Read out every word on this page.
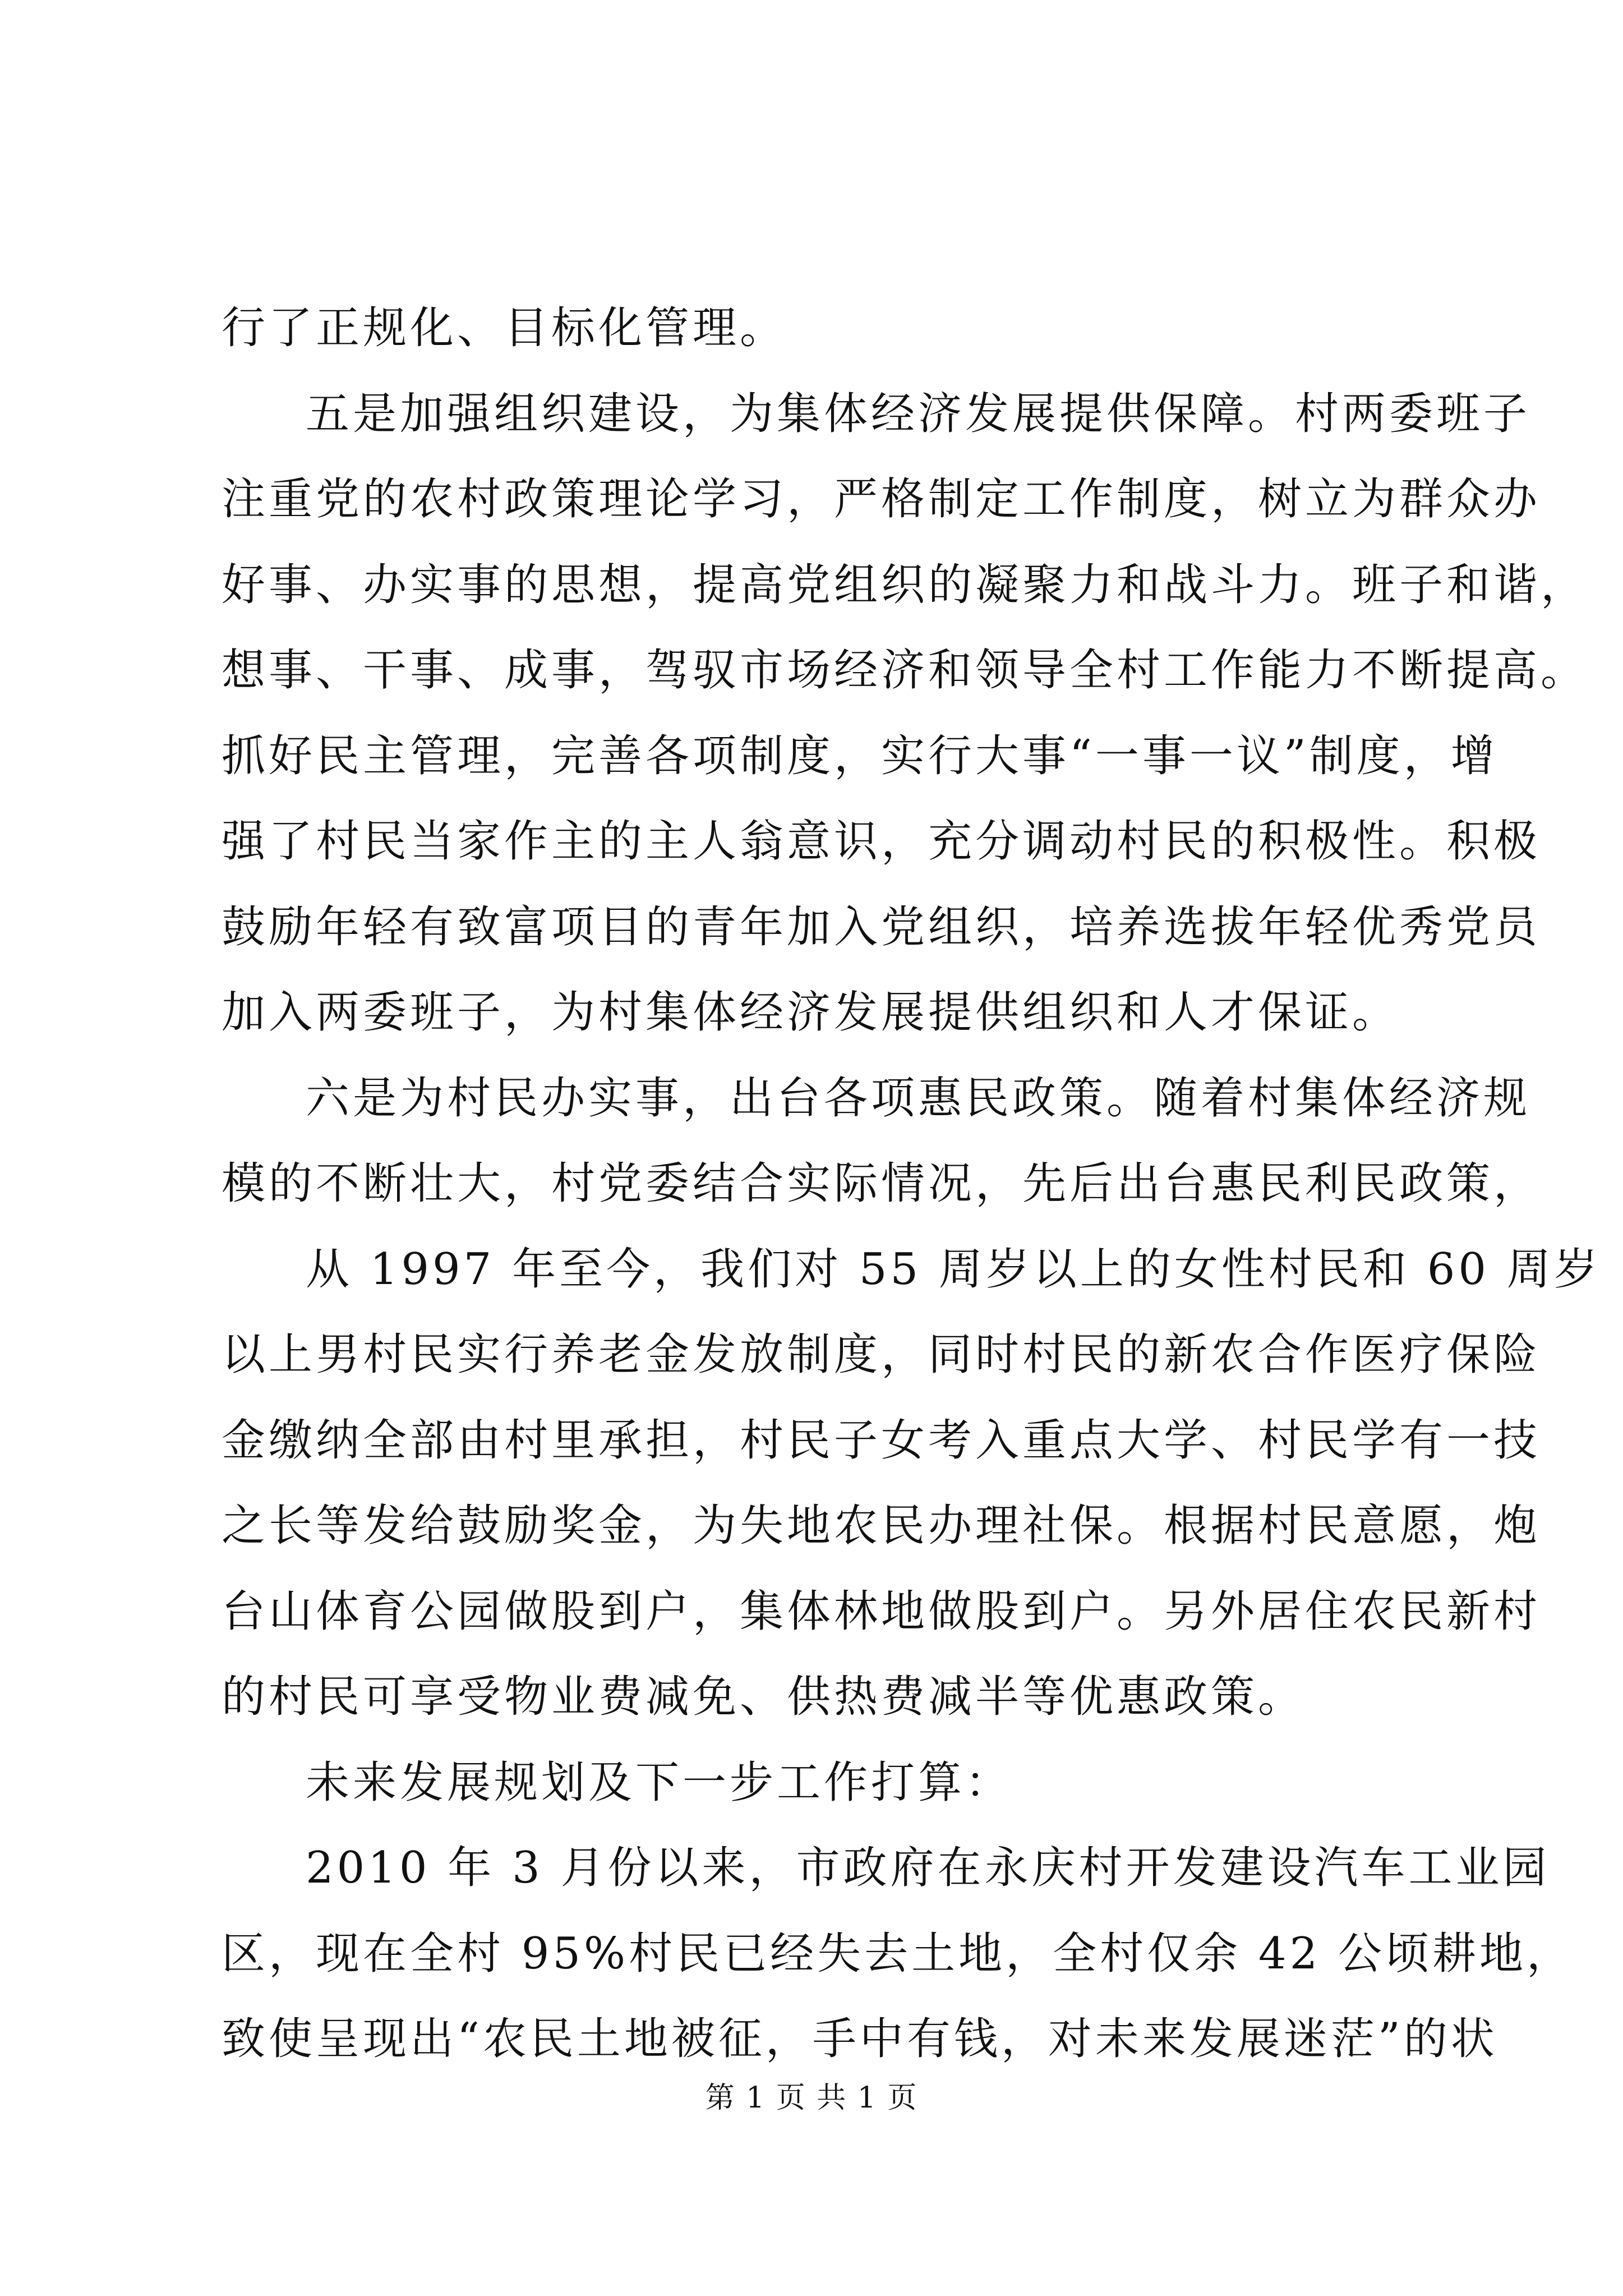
行了正规化、目标化管理。
五是加强组织建设，为集体经济发展提供保障。村两委班子
注重党的农村政策理论学习，严格制定工作制度，树立为群众办
好事、办实事的思想，提高党组织的凝聚力和战斗力。班子和谐，
想事、干事、成事，驾驭市场经济和领导全村工作能力不断提高。
抓好民主管理，完善各项制度，实行大事“一事一议”制度，增
强了村民当家作主的主人翁意识，充分调动村民的积极性。积极
鼓励年轻有致富项目的青年加入党组织，培养选拔年轻优秀党员
加入两委班子，为村集体经济发展提供组织和人才保证。
六是为村民办实事，出台各项惠民政策。随着村集体经济规
模的不断壮大，村党委结合实际情况，先后出台惠民利民政策，
从 1997 年至今，我们对 55 周岁以上的女性村民和 60 周岁
以上男村民实行养老金发放制度，同时村民的新农合作医疗保险
金缴纳全部由村里承担，村民子女考入重点大学、村民学有一技
之长等发给鼓励奖金，为失地农民办理社保。根据村民意愿，炮
台山体育公园做股到户，集体林地做股到户。另外居住农民新村
的村民可享受物业费减免、供热费减半等优惠政策。
未来发展规划及下一步工作打算：
2010 年 3 月份以来，市政府在永庆村开发建设汽车工业园
区，现在全村 95%村民已经失去土地，全村仅余 42 公顷耕地，
致使呈现出“农民土地被征，手中有钱，对未来发展迷茫”的状
第 1 页 共 1 页
